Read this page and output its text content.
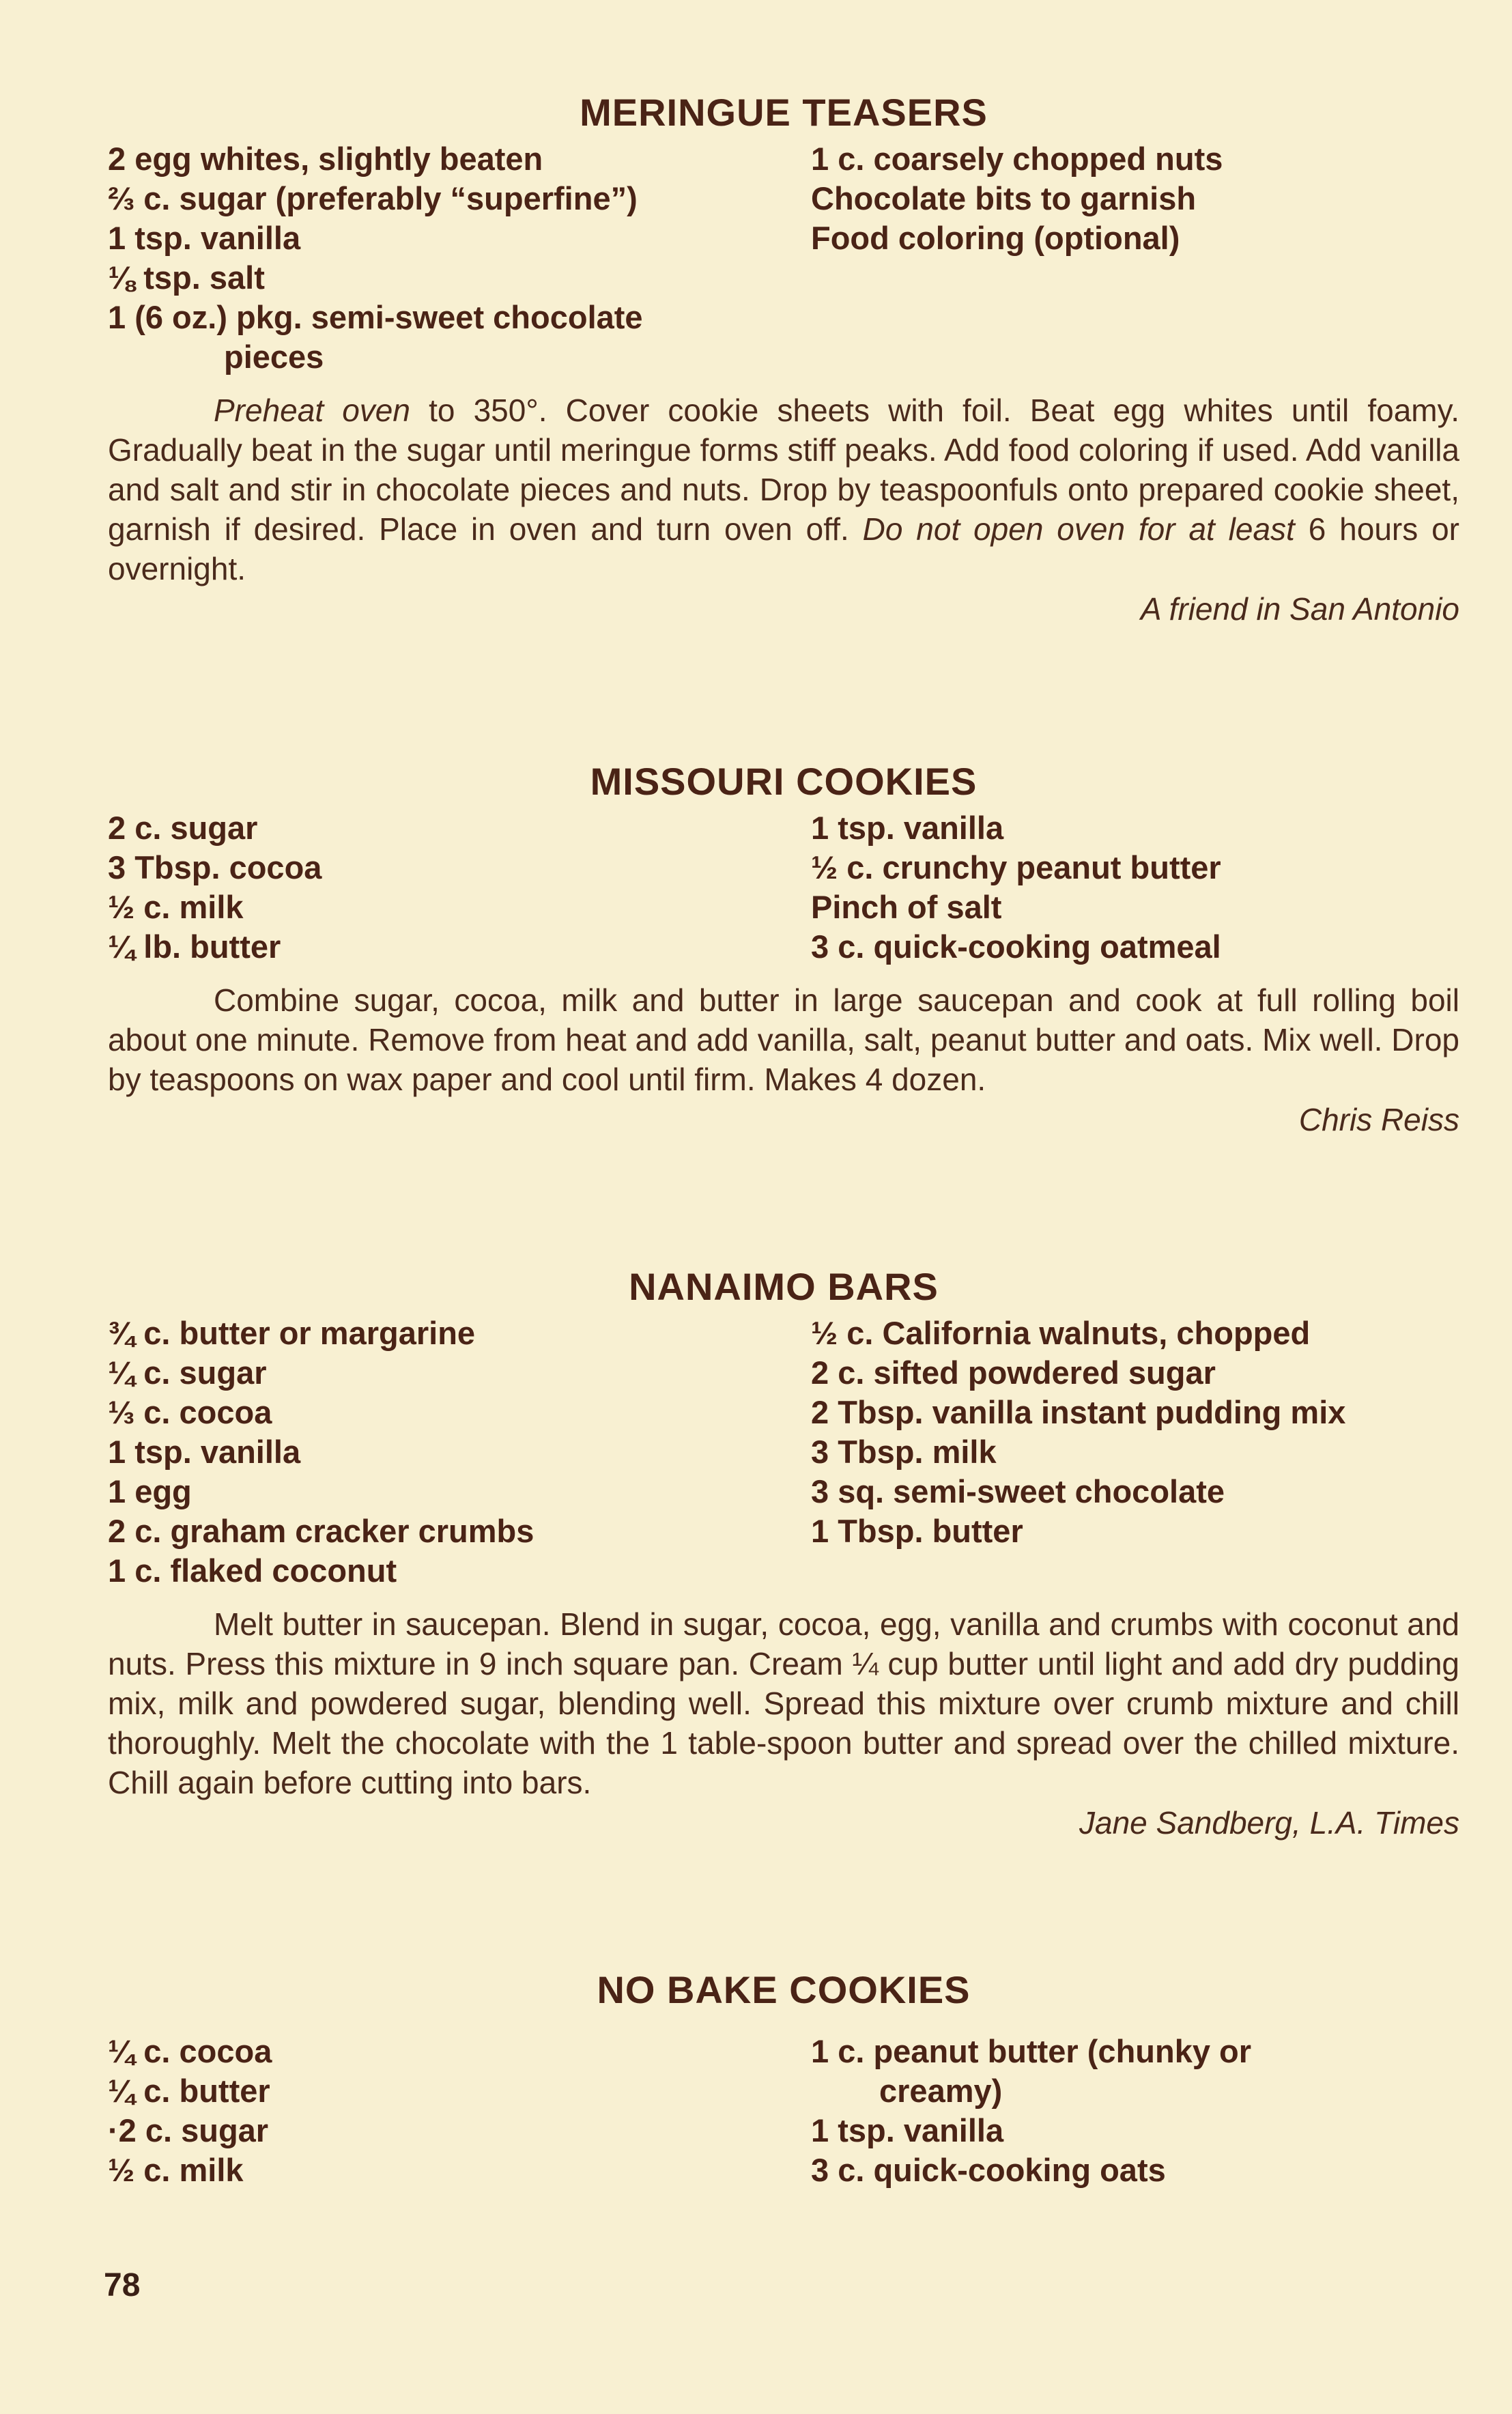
MERINGUE TEASERS
2 egg whites, slightly beaten
⅔ c. sugar (preferably “superfine”)
1 tsp. vanilla
⅛ tsp. salt
1 (6 oz.) pkg. semi-sweet chocolate
pieces
1 c. coarsely chopped nuts
Chocolate bits to garnish
Food coloring (optional)

Preheat oven to 350°. Cover cookie sheets with foil. Beat egg whites until foamy. Gradually beat in the sugar until meringue forms stiff peaks. Add food coloring if used. Add vanilla and salt and stir in chocolate pieces and nuts. Drop by teaspoonfuls onto prepared cookie sheet, garnish if desired. Place in oven and turn oven off. Do not open oven for at least 6 hours or overnight.

A friend in San Antonio

MISSOURI COOKIES
2 c. sugar
3 Tbsp. cocoa
½ c. milk
¼ lb. butter
1 tsp. vanilla
½ c. crunchy peanut butter
Pinch of salt
3 c. quick-cooking oatmeal

Combine sugar, cocoa, milk and butter in large saucepan and cook at full rolling boil about one minute. Remove from heat and add vanilla, salt, peanut butter and oats. Mix well. Drop by teaspoons on wax paper and cool until firm. Makes 4 dozen.

Chris Reiss

NANAIMO BARS
¾ c. butter or margarine
¼ c. sugar
⅓ c. cocoa
1 tsp. vanilla
1 egg
2 c. graham cracker crumbs
1 c. flaked coconut
½ c. California walnuts, chopped
2 c. sifted powdered sugar
2 Tbsp. vanilla instant pudding mix
3 Tbsp. milk
3 sq. semi-sweet chocolate
1 Tbsp. butter

Melt butter in saucepan. Blend in sugar, cocoa, egg, vanilla and crumbs with coconut and nuts. Press this mixture in 9 inch square pan. Cream ¼ cup butter until light and add dry pudding mix, milk and powdered sugar, blending well. Spread this mixture over crumb mixture and chill thoroughly. Melt the chocolate with the 1 table-spoon butter and spread over the chilled mixture. Chill again before cutting into bars.

Jane Sandberg, L.A. Times

NO BAKE COOKIES
¼ c. cocoa
¼ c. butter
·2 c. sugar
½ c. milk
1 c. peanut butter (chunky or
creamy)
1 tsp. vanilla
3 c. quick-cooking oats
78
